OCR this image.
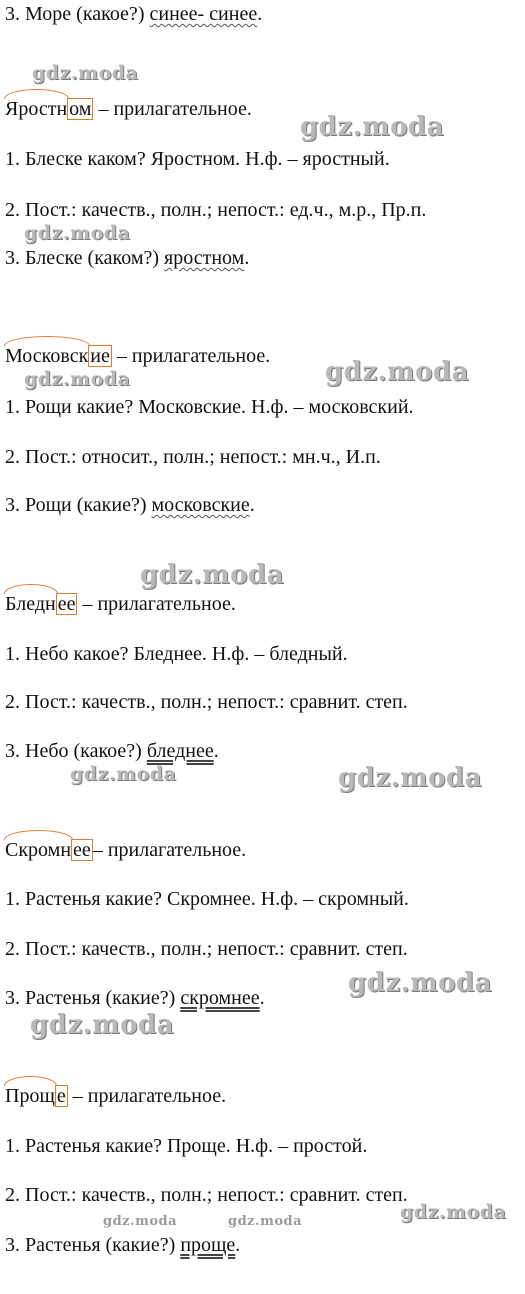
3. Море (какое?) синее- синее.
Яростн ом – прилагательное.
1. Блеске каком? Яростном. Н.ф. – яростный.
2. Пост.: качеств., полн.; непост.: ед.ч., м.р., Пр.п.
3. Блеске (каком?) яростном.
Московск ие – прилагательное.
1. Рощи какие? Московские. Н.ф. – московский.
2. Пост.: относит., полн.; непост.: мн.ч., И.п.
3. Рощи (какие?) московские.
Бледн ее – прилагательное.
1. Небо какое? Бледнее. Н.ф. – бледный.
2. Пост.: качеств., полн.; непост.: сравнит. степ.
3. Небо (какое?) бледнее.
Скромн ее – прилагательное.
1. Растенья какие? Скромнее. Н.ф. – скромный.
2. Пост.: качеств., полн.; непост.: сравнит. степ.
3. Растенья (какие?) скромнее.
Прощ е – прилагательное.
1. Растенья какие? Проще. Н.ф. – простой.
2. Пост.: качеств., полн.; непост.: сравнит. степ.
3. Растенья (какие?) проще.
gdz.moda
gdz.moda
gdz.moda
gdz.moda
gdz.moda
gdz.moda
gdz.moda	gdz.moda
gdz.moda
gdz.moda
gdz.moda	gdz.moda	gdz.moda
